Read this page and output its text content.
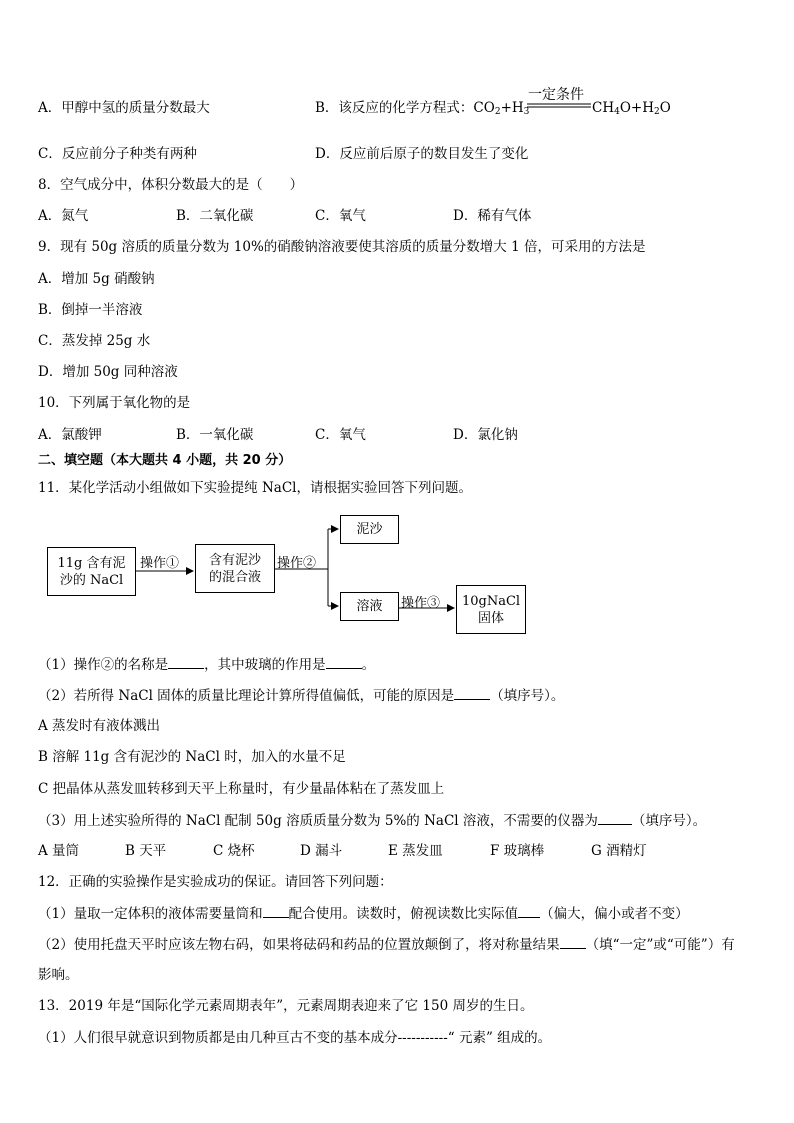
A．甲醇中氢的质量分数最大	B．该反应的化学方程式：$CO_2+H_3$
一定条件
$CH_4O+H_2O$
C．反应前分子种类有两种	D．反应前后原子的数目发生了变化
8．空气成分中，体积分数最大的是（　　）
A．氮气	B．二氧化碳	C．氧气	D．稀有气体
9．现有 50g 溶质的质量分数为 10%的硝酸钠溶液要使其溶质的质量分数增大 1 倍，可采用的方法是
A．增加 5g 硝酸钠
B．倒掉一半溶液
C．蒸发掉 25g 水
D．增加 50g 同种溶液
10．下列属于氧化物的是
A．氯酸钾	B．一氧化碳	C．氧气	D．氯化钠
二、填空题（本大题共 4 小题，共 20 分）
11．某化学活动小组做如下实验提纯 NaCl，请根据实验回答下列问题。
11g 含有泥
沙的 NaCl
操作①	含有泥沙
的混合液
操作②
泥沙
溶液	操作③	10gNaCl
固体
（1）操作②的名称是	，其中玻璃的作用是	。
（2）若所得 NaCl 固体的质量比理论计算所得值偏低，可能的原因是	（填序号）。
A 蒸发时有液体溅出
B 溶解 11g 含有泥沙的 NaCl 时，加入的水量不足
C 把晶体从蒸发皿转移到天平上称量时，有少量晶体粘在了蒸发皿上
（3）用上述实验所得的 NaCl 配制 50g 溶质质量分数为 5%的 NaCl 溶液，不需要的仪器为	（填序号）。
A 量筒	B 天平	C 烧杯	D 漏斗	E 蒸发皿	F 玻璃棒	G 酒精灯
12．正确的实验操作是实验成功的保证。请回答下列问题：
（1）量取一定体积的液体需要量筒和 配合使用。读数时，俯视读数比实际值 （偏大，偏小或者不变）
（2）使用托盘天平时应该左物右码，如果将砝码和药品的位置放颠倒了，将对称量结果 （填“一定”或“可能”）有
影响。
13．2019 年是“国际化学元素周期表年”，元素周期表迎来了它 150 周岁的生日。
（1）人们很早就意识到物质都是由几种亘古不变的基本成分-----------“ 元素” 组成的。
